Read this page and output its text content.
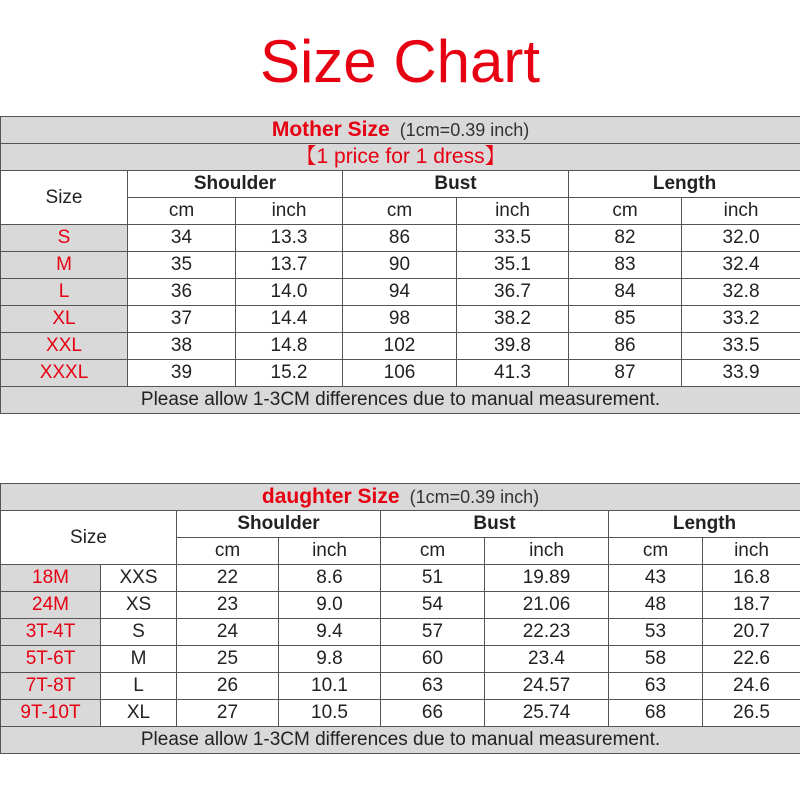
Size Chart
Mother Size (1cm=0.39 inch)						
【1 price for 1 dress】						
Size	Shoulder		Bust		Length	
	cm	inch	cm	inch	cm	inch
S	34	13.3	86	33.5	82	32.0
M	35	13.7	90	35.1	83	32.4
L	36	14.0	94	36.7	84	32.8
XL	37	14.4	98	38.2	85	33.2
XXL	38	14.8	102	39.8	86	33.5
XXXL	39	15.2	106	41.3	87	33.9
Please allow 1-3CM differences due to manual measurement.						
daughter Size (1cm=0.39 inch)							
Size		Shoulder		Bust		Length	
		cm	inch	cm	inch	cm	inch
18M	XXS	22	8.6	51	19.89	43	16.8
24M	XS	23	9.0	54	21.06	48	18.7
3T-4T	S	24	9.4	57	22.23	53	20.7
5T-6T	M	25	9.8	60	23.4	58	22.6
7T-8T	L	26	10.1	63	24.57	63	24.6
9T-10T	XL	27	10.5	66	25.74	68	26.5
Please allow 1-3CM differences due to manual measurement.							
